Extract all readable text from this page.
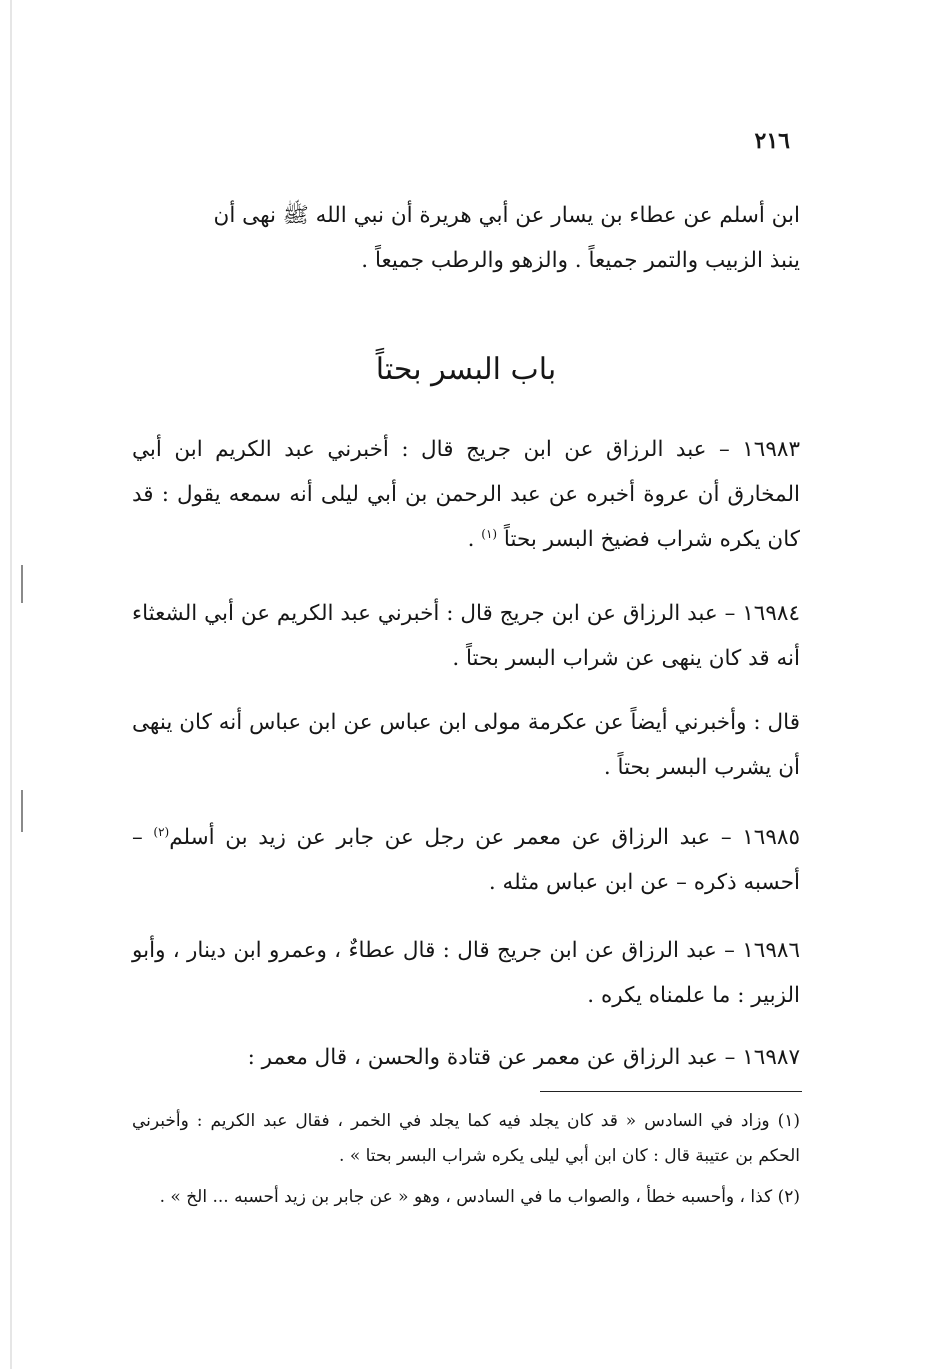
٢١٦
ابن أسلم عن عطاء بن يسار عن أبي هريرة أن نبي الله ﷺ نهى أن
ينبذ الزبيب والتمر جميعاً . والزهو والرطب جميعاً .
باب البسر بحتاً
١٦٩٨٣ – عبد الرزاق عن ابن جريج قال : أخبرني عبد الكريم ابن أبي المخارق أن عروة أخبره عن عبد الرحمن بن أبي ليلى أنه سمعه يقول : قد كان يكره شراب فضيخ البسر بحتاً $^{(١)}$ .
١٦٩٨٤ – عبد الرزاق عن ابن جريج قال : أخبرني عبد الكريم عن أبي الشعثاء أنه قد كان ينهى عن شراب البسر بحتاً .
قال : وأخبرني أيضاً عن عكرمة مولى ابن عباس عن ابن عباس أنه كان ينهى أن يشرب البسر بحتاً .
١٦٩٨٥ – عبد الرزاق عن معمر عن رجل عن جابر عن زيد بن أسلم$^{(٢)}$ – أحسبه ذكره – عن ابن عباس مثله .
١٦٩٨٦ – عبد الرزاق عن ابن جريج قال : قال عطاءٌ ، وعمرو ابن دينار ، وأبو الزبير : ما علمناه يكره .
١٦٩٨٧ – عبد الرزاق عن معمر عن قتادة والحسن ، قال معمر :
(١) وزاد في السادس « قد كان يجلد فيه كما يجلد في الخمر ، فقال عبد الكريم : وأخبرني الحكم بن عتيبة قال : كان ابن أبي ليلى يكره شراب البسر بحتا » .
(٢) كذا ، وأحسبه خطأ ، والصواب ما في السادس ، وهو « عن جابر بن زيد أحسبه ... الخ » .
